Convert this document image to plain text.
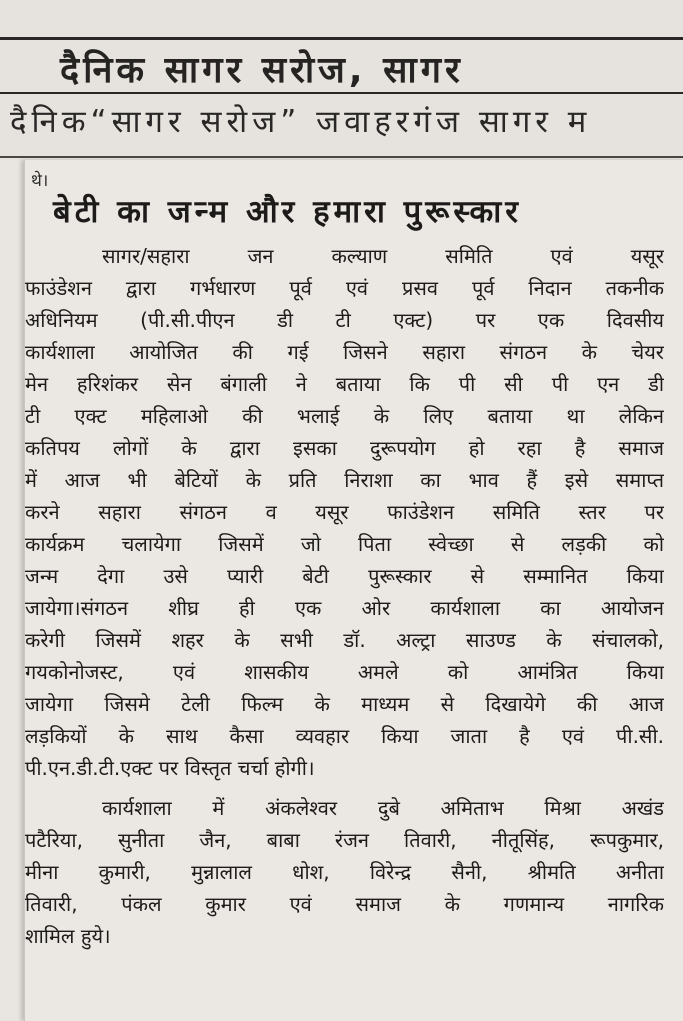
दैनिक सागर सरोज, सागर
दैनिक“सागर सरोज” जवाहरगंज सागर म
थे।
बेटी का जन्म और हमारा पुरूस्कार
सागर/सहारा जन कल्याण समिति एवं यसूर
फाउंडेशन द्वारा गर्भधारण पूर्व एवं प्रसव पूर्व निदान तकनीक
अधिनियम (पी.सी.पीएन डी टी एक्ट) पर एक दिवसीय
कार्यशाला आयोजित की गई जिसने सहारा संगठन के चेयर
मेन हरिशंकर सेन बंगाली ने बताया कि पी सी पी एन डी
टी एक्ट महिलाओ की भलाई के लिए बताया था लेकिन
कतिपय लोगों के द्वारा इसका दुरूपयोग हो रहा है समाज
में आज भी बेटियों के प्रति निराशा का भाव हैं इसे समाप्त
करने सहारा संगठन व यसूर फाउंडेशन समिति स्तर पर
कार्यक्रम चलायेगा जिसमें जो पिता स्वेच्छा से लड़की को
जन्म देगा उसे प्यारी बेटी पुरूस्कार से सम्मानित किया
जायेगा।संगठन शीघ्र ही एक ओर कार्यशाला का आयोजन
करेगी जिसमें शहर के सभी डॉ. अल्ट्रा साउण्ड के संचालको,
गयकोनोजस्ट, एवं शासकीय अमले को आमंत्रित किया
जायेगा जिसमे टेली फिल्म के माध्यम से दिखायेगे की आज
लड़कियों के साथ कैसा व्यवहार किया जाता है एवं पी.सी.
पी.एन.डी.टी.एक्ट पर विस्तृत चर्चा होगी।
कार्यशाला में अंकलेश्वर दुबे अमिताभ मिश्रा अखंड
पटैरिया, सुनीता जैन, बाबा रंजन तिवारी, नीतूसिंह, रूपकुमार,
मीना कुमारी, मुन्नालाल धोश, विरेन्द्र सैनी, श्रीमति अनीता
तिवारी, पंकल कुमार एवं समाज के गणमान्य नागरिक
शामिल हुये।
